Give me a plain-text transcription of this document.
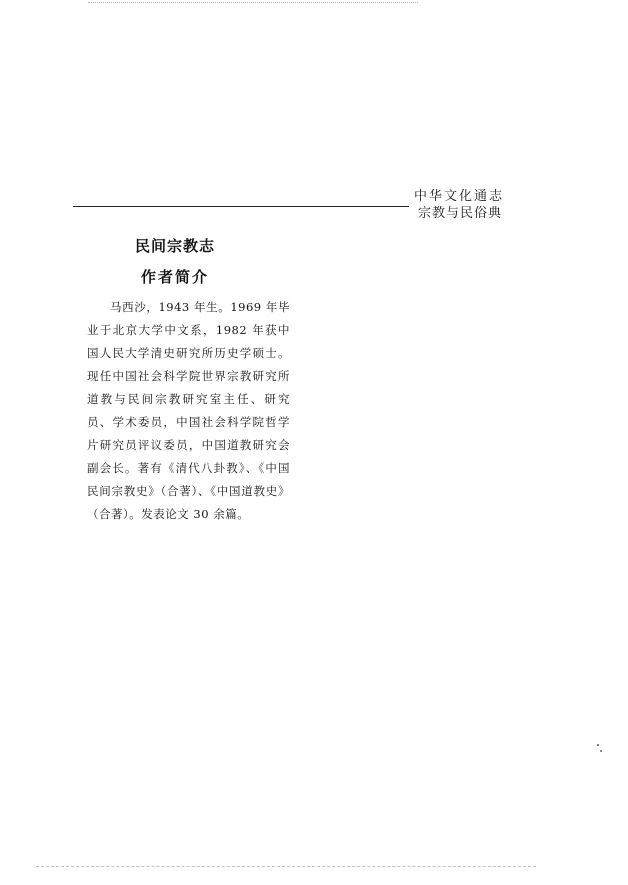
中华文化通志
宗教与民俗典
民间宗教志
作者简介

马西沙，1943 年生。1969 年毕业于北京大学中文系，1982 年获中国人民大学清史研究所历史学硕士。现任中国社会科学院世界宗教研究所道教与民间宗教研究室主任、研究员、学术委员，中国社会科学院哲学片研究员评议委员，中国道教研究会副会长。著有《清代八卦教》、《中国民间宗教史》（合著）、《中国道教史》（合著）。发表论文 30 余篇。
